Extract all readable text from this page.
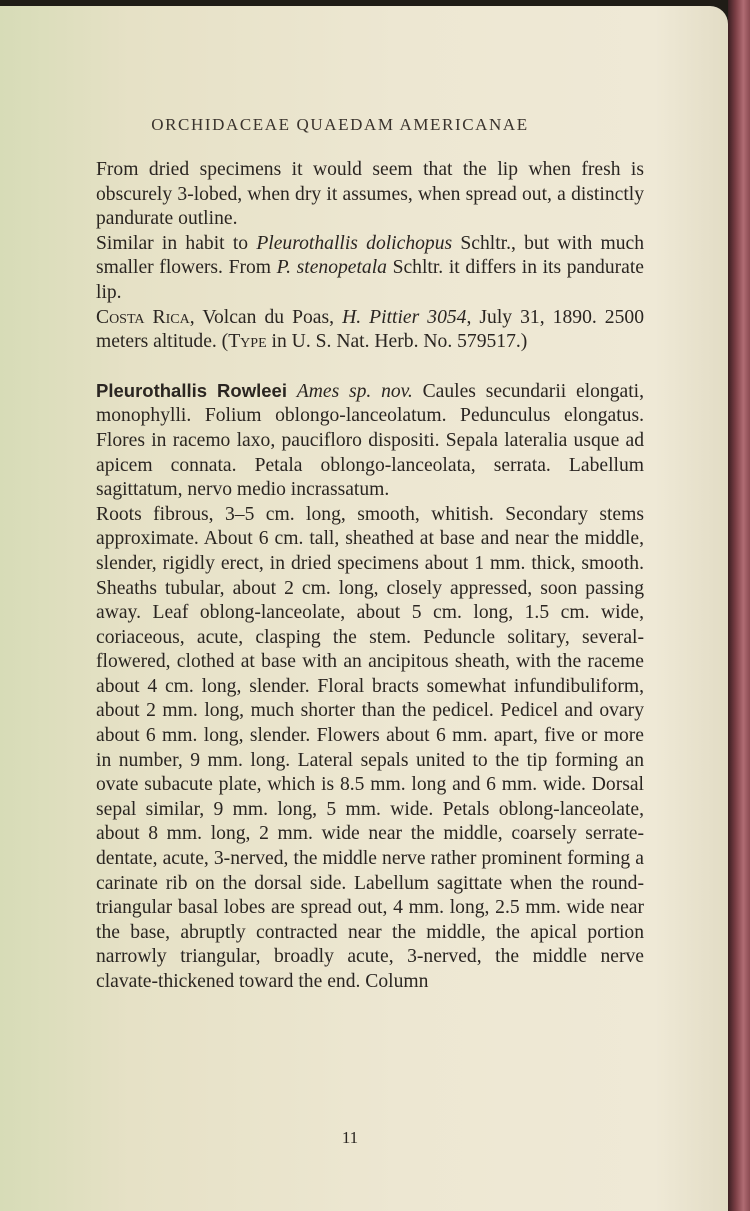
ORCHIDACEAE QUAEDAM AMERICANAE

From dried specimens it would seem that the lip when fresh is obscurely 3-lobed, when dry it assumes, when spread out, a distinctly pandurate outline.

Similar in habit to Pleurothallis dolichopus Schltr., but with much smaller flowers. From P. stenopetala Schltr. it differs in its pandurate lip.

Costa Rica, Volcan du Poas, H. Pittier 3054, July 31, 1890. 2500 meters altitude. (Type in U. S. Nat. Herb. No. 579517.)

Pleurothallis Rowleei Ames sp. nov. Caules secundarii elongati, monophylli. Folium oblongo-lanceolatum. Pedunculus elongatus. Flores in racemo laxo, paucifloro dispositi. Sepala lateralia usque ad apicem connata. Petala oblongo-lanceolata, serrata. Labellum sagittatum, nervo medio incrassatum.

Roots fibrous, 3–5 cm. long, smooth, whitish. Secondary stems approximate. About 6 cm. tall, sheathed at base and near the middle, slender, rigidly erect, in dried specimens about 1 mm. thick, smooth. Sheaths tubular, about 2 cm. long, closely appressed, soon passing away. Leaf oblong-lanceolate, about 5 cm. long, 1.5 cm. wide, coriaceous, acute, clasping the stem. Peduncle solitary, several-flowered, clothed at base with an ancipitous sheath, with the raceme about 4 cm. long, slender. Floral bracts somewhat infundibuliform, about 2 mm. long, much shorter than the pedicel. Pedicel and ovary about 6 mm. long, slender. Flowers about 6 mm. apart, five or more in number, 9 mm. long. Lateral sepals united to the tip forming an ovate subacute plate, which is 8.5 mm. long and 6 mm. wide. Dorsal sepal similar, 9 mm. long, 5 mm. wide. Petals oblong-lanceolate, about 8 mm. long, 2 mm. wide near the middle, coarsely serrate-dentate, acute, 3-nerved, the middle nerve rather prominent forming a carinate rib on the dorsal side. Labellum sagittate when the round-triangular basal lobes are spread out, 4 mm. long, 2.5 mm. wide near the base, abruptly contracted near the middle, the apical portion narrowly triangular, broadly acute, 3-nerved, the middle nerve clavate-thickened toward the end. Column

11
